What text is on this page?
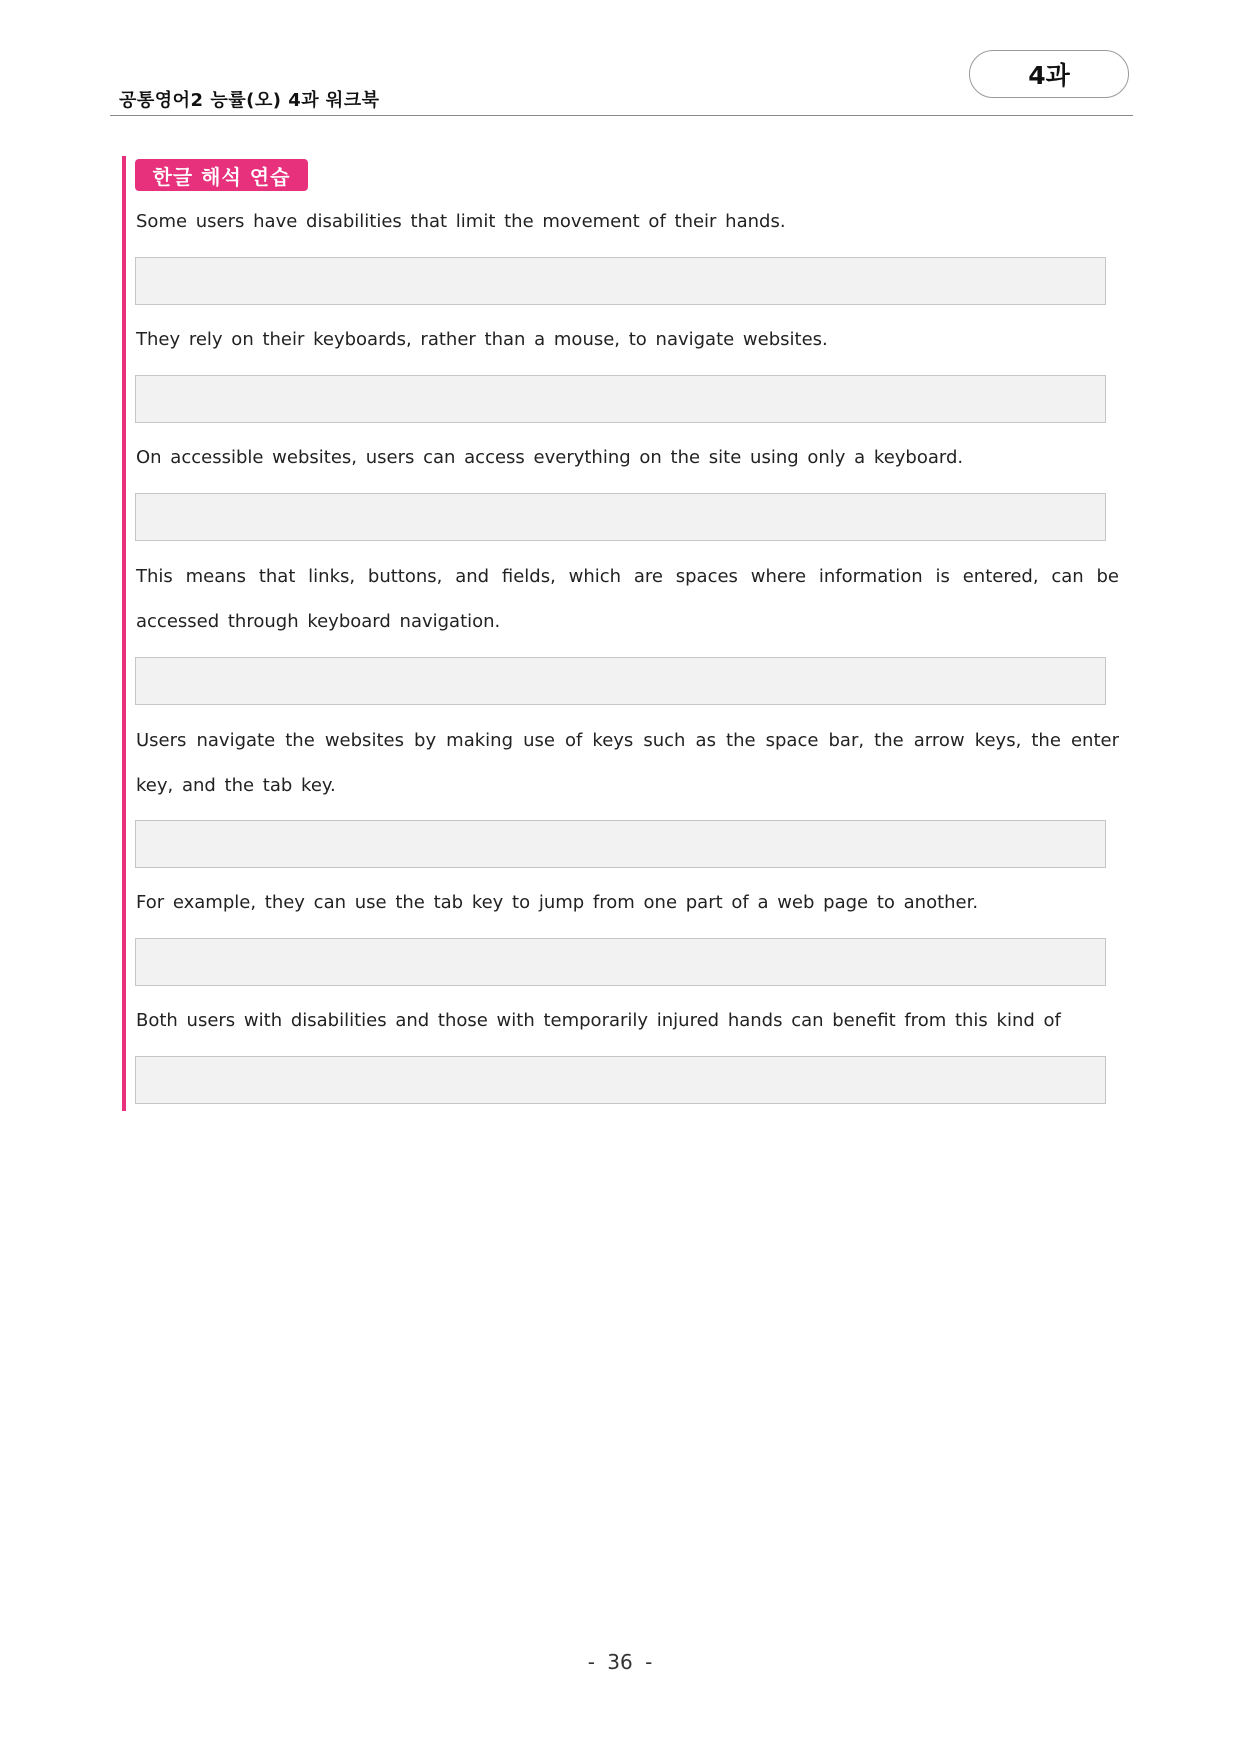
공통영어2 능률(오) 4과 워크북
4과
한글 해석 연습
Some users have disabilities that limit the movement of their hands.
They rely on their keyboards, rather than a mouse, to navigate websites.
On accessible websites, users can access everything on the site using only a keyboard.
This means that links, buttons, and fields, which are spaces where information is entered, can be accessed through keyboard navigation.
Users navigate the websites by making use of keys such as the space bar, the arrow keys, the enter key, and the tab key.
For example, they can use the tab key to jump from one part of a web page to another.
Both users with disabilities and those with temporarily injured hands can benefit from this kind of
- 36 -
